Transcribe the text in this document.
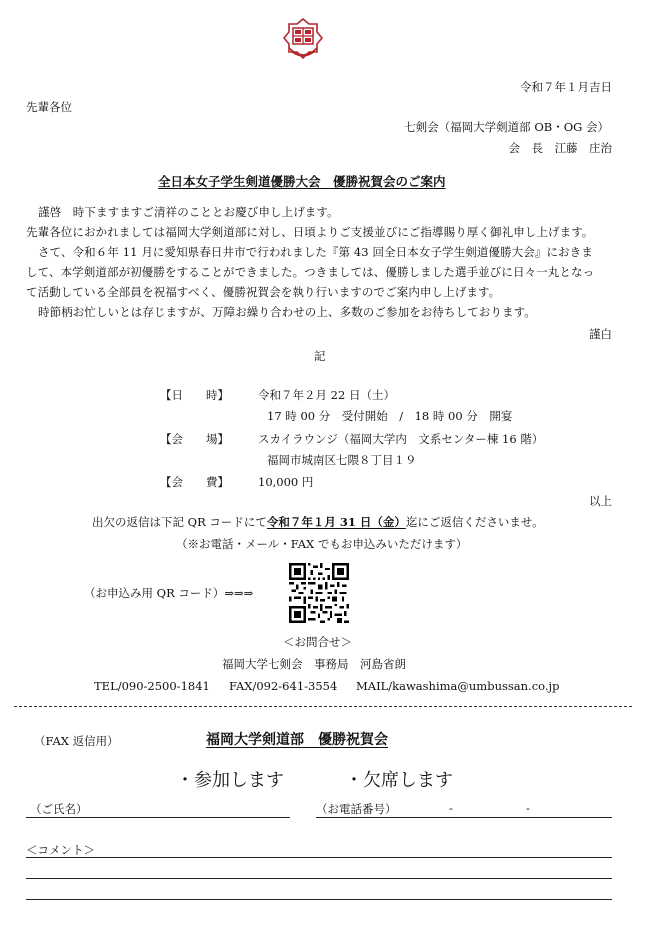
令和７年１月吉日
先輩各位
七剣会（福岡大学剣道部 OB・OG 会）
会　長　江藤　庄治
全日本女子学生剣道優勝大会　優勝祝賀会のご案内
謹啓　時下ますますご清祥のこととお慶び申し上げます。
先輩各位におかれましては福岡大学剣道部に対し、日頃よりご支援並びにご指導賜り厚く御礼申し上げます。
さて、令和６年 11 月に愛知県春日井市で行われました『第 43 回全日本女子学生剣道優勝大会』におきま
して、本学剣道部が初優勝をすることができました。つきましては、優勝しました選手並びに日々一丸となっ
て活動している全部員を祝福すべく、優勝祝賀会を執り行いますのでご案内申し上げます。
時節柄お忙しいとは存じますが、万障お繰り合わせの上、多数のご参加をお待ちしております。
謹白
記
【日　　時】	令和７年２月 22 日（土）
17 時 00 分　受付開始　/　18 時 00 分　開宴
【会　　場】	スカイラウンジ（福岡大学内　文系センター棟 16 階）
福岡市城南区七隈８丁目１９
【会　　費】	10,000 円
以上
出欠の返信は下記 QR コードにて令和７年１月 31 日（金）迄にご返信くださいませ。
（※お電話・メール・FAX でもお申込みいただけます）
（お申込み用 QR コード）⇒⇒⇒
＜お問合せ＞
福岡大学七剣会　事務局　河島省朗
TEL/090-2500-1841 FAX/092-641-3554 MAIL/kawashima@umbussan.co.jp
（FAX 返信用）	福岡大学剣道部　優勝祝賀会
・参加します	・欠席します
（ご氏名）	（お電話番号）	-	-
＜コメント＞
